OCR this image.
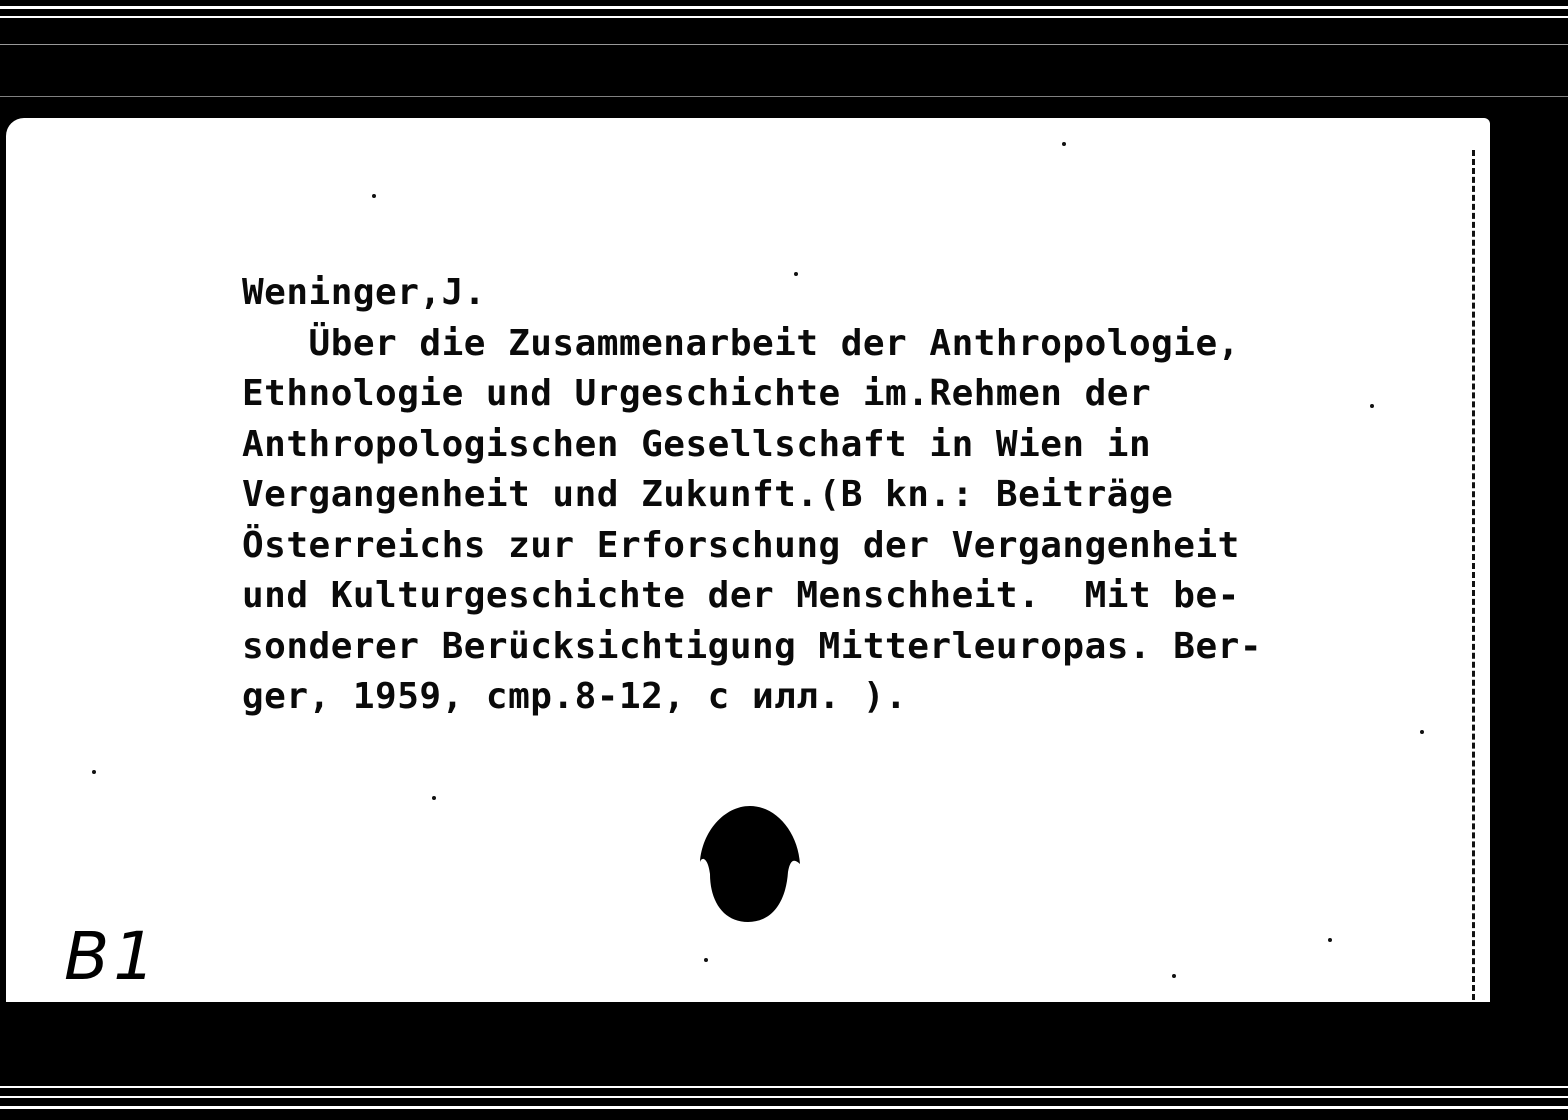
Weninger,J.
Über die Zusammenarbeit der Anthropologie,
Ethnologie und Urgeschichte im.Rehmen der
Anthropologischen Gesellschaft in Wien in
Vergangenheit und Zukunft.(B kn.: Beiträge
Österreichs zur Erforschung der Vergangenheit
und Kulturgeschichte der Menschheit.  Mit be-
sonderer Berücksichtigung Mitterleuropas. Ber-
ger, 1959, cmp.8-12, c илл. ).
B1
